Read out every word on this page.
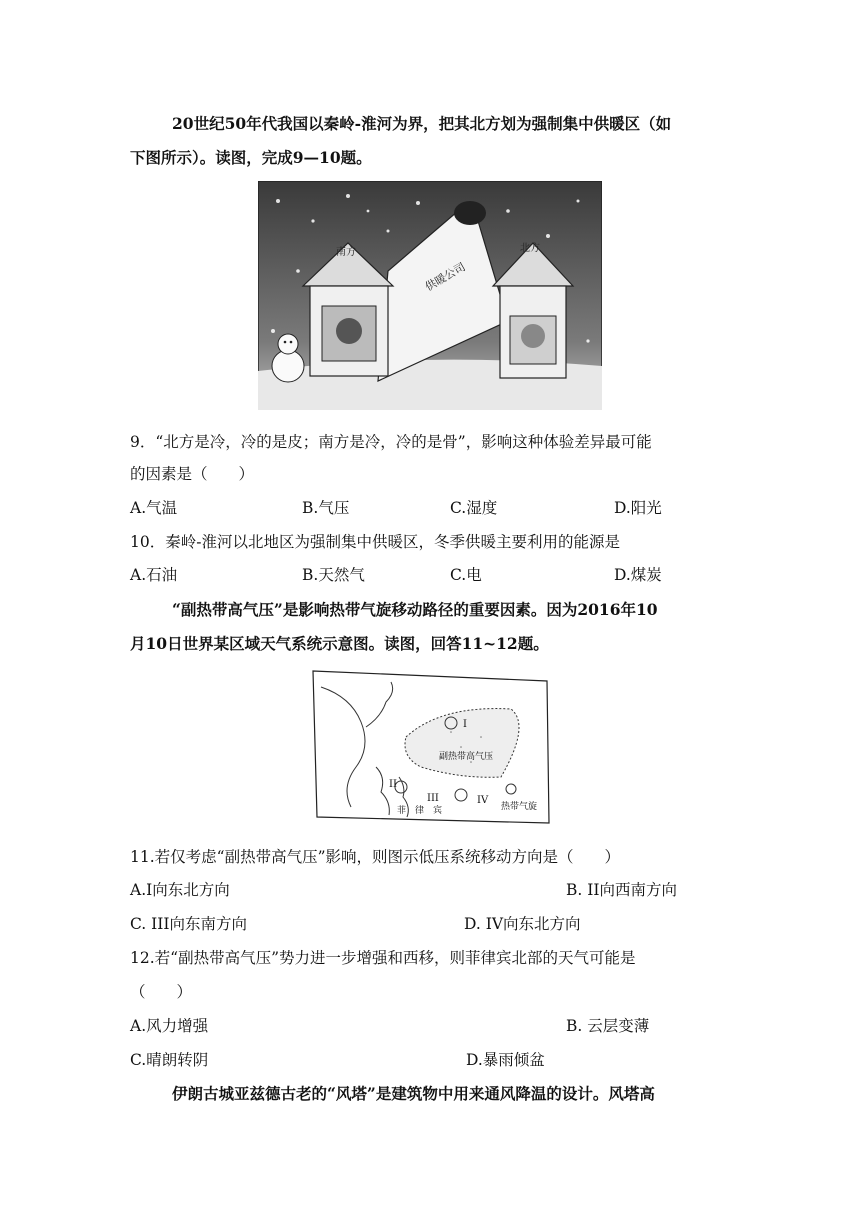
20世纪50年代我国以秦岭-淮河为界，把其北方划为强制集中供暖区（如
下图所示）。读图，完成9—10题。
供暖公司
南方	北方
9．“北方是冷，冷的是皮；南方是冷，冷的是骨”，影响这种体验差异最可能
的因素是（　　）
A.气温	B.气压	C.湿度	D.阳光
10．秦岭-淮河以北地区为强制集中供暖区，冬季供暖主要利用的能源是
A.石油	B.天然气	C.电	D.煤炭
“副热带高气压”是影响热带气旋移动路径的重要因素。因为2016年10
月10日世界某区域天气系统示意图。读图，回答11~12题。
副热带高气压
I
II
III	IV
菲　律　宾	热带气旋
11.若仅考虑“副热带高气压”影响，则图示低压系统移动方向是（　　）
A.I向东北方向	B. II向西南方向
C. III向东南方向	D. IV向东北方向
12.若“副热带高气压”势力进一步增强和西移，则菲律宾北部的天气可能是
（　　）
A.风力增强	B. 云层变薄
C.晴朗转阴	D.暴雨倾盆
伊朗古城亚兹德古老的“风塔”是建筑物中用来通风降温的设计。风塔高
